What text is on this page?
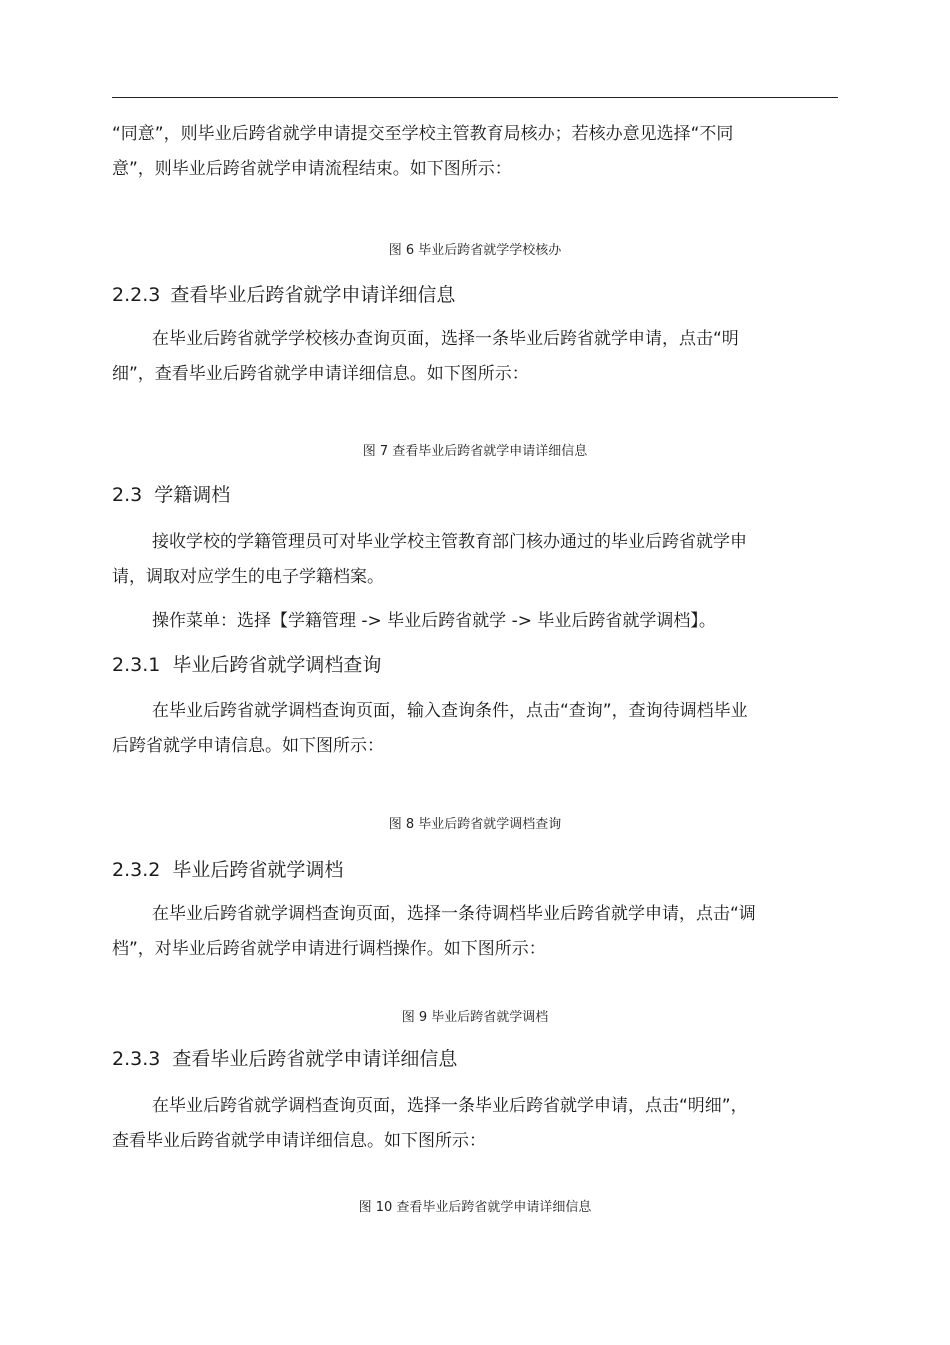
“同意”，则毕业后跨省就学申请提交至学校主管教育局核办；若核办意见选择“不同
意”，则毕业后跨省就学申请流程结束。如下图所示：
图 6 毕业后跨省就学学校核办
2.2.3 查看毕业后跨省就学申请详细信息
在毕业后跨省就学学校核办查询页面，选择一条毕业后跨省就学申请，点击“明
细”，查看毕业后跨省就学申请详细信息。如下图所示：
图 7 查看毕业后跨省就学申请详细信息
2.3 学籍调档
接收学校的学籍管理员可对毕业学校主管教育部门核办通过的毕业后跨省就学申
请，调取对应学生的电子学籍档案。
操作菜单：选择【学籍管理 -> 毕业后跨省就学 -> 毕业后跨省就学调档】。
2.3.1 毕业后跨省就学调档查询
在毕业后跨省就学调档查询页面，输入查询条件，点击“查询”，查询待调档毕业
后跨省就学申请信息。如下图所示：
图 8 毕业后跨省就学调档查询
2.3.2 毕业后跨省就学调档
在毕业后跨省就学调档查询页面，选择一条待调档毕业后跨省就学申请，点击“调
档”，对毕业后跨省就学申请进行调档操作。如下图所示：
图 9 毕业后跨省就学调档
2.3.3 查看毕业后跨省就学申请详细信息
在毕业后跨省就学调档查询页面，选择一条毕业后跨省就学申请，点击“明细”，
查看毕业后跨省就学申请详细信息。如下图所示：
图 10 查看毕业后跨省就学申请详细信息
